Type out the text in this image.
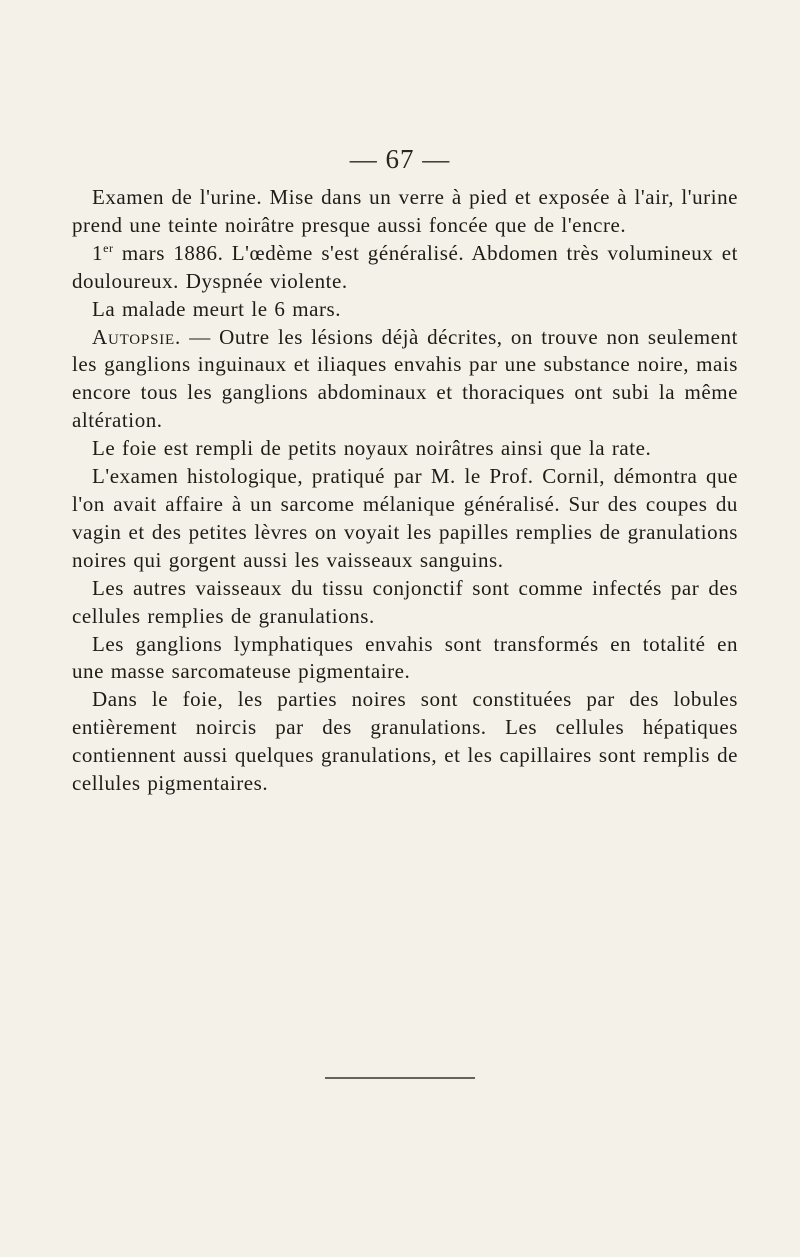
— 67 —

Examen de l'urine. Mise dans un verre à pied et exposée à l'air, l'urine prend une teinte noirâtre presque aussi foncée que de l'encre.

1er mars 1886. L'œdème s'est généralisé. Abdomen très volumineux et douloureux. Dyspnée violente.

La malade meurt le 6 mars.

Autopsie. — Outre les lésions déjà décrites, on trouve non seulement les ganglions inguinaux et iliaques envahis par une substance noire, mais encore tous les ganglions abdominaux et thoraciques ont subi la même altération.

Le foie est rempli de petits noyaux noirâtres ainsi que la rate.

L'examen histologique, pratiqué par M. le Prof. Cornil, démontra que l'on avait affaire à un sarcome mélanique généralisé. Sur des coupes du vagin et des petites lèvres on voyait les papilles remplies de granulations noires qui gorgent aussi les vaisseaux sanguins.

Les autres vaisseaux du tissu conjonctif sont comme infectés par des cellules remplies de granulations.

Les ganglions lymphatiques envahis sont transformés en totalité en une masse sarcomateuse pigmentaire.

Dans le foie, les parties noires sont constituées par des lobules entièrement noircis par des granulations. Les cellules hépatiques contiennent aussi quelques granulations, et les capillaires sont remplis de cellules pigmentaires.
